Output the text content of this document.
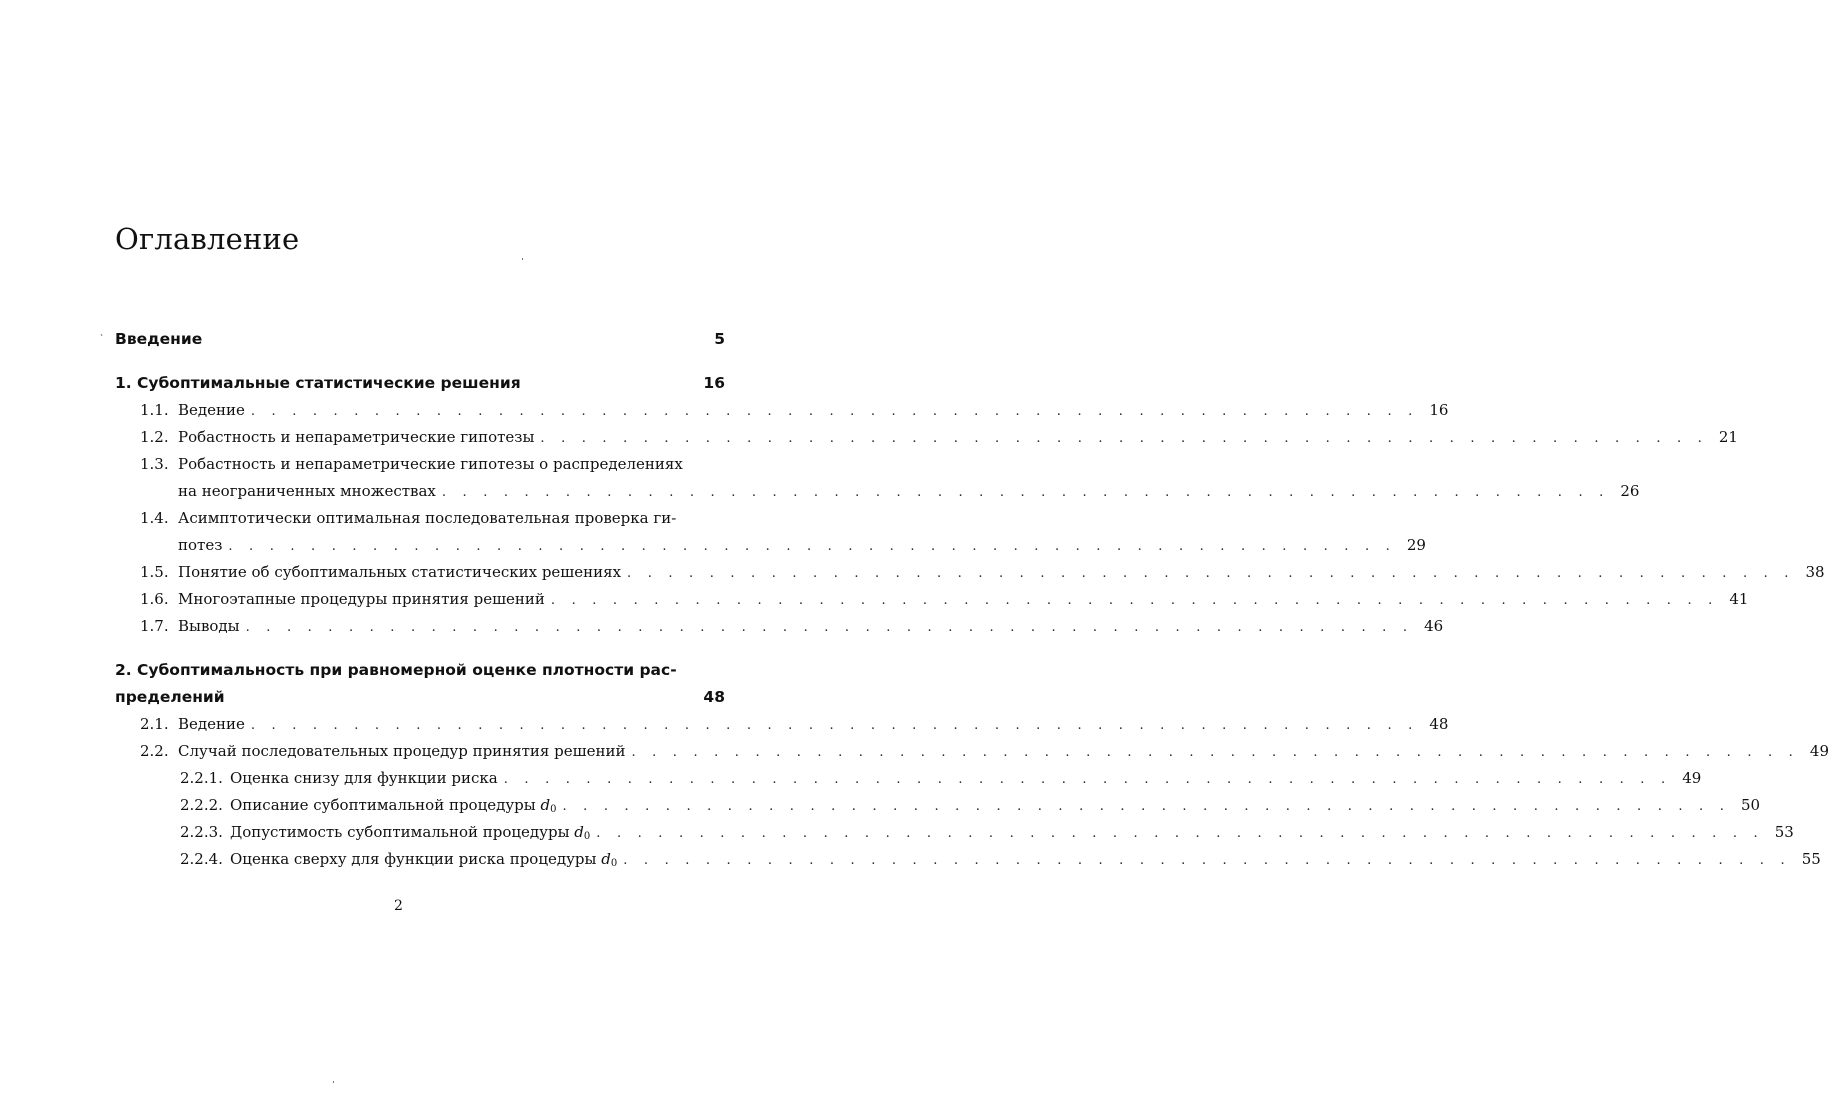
Оглавление
Введение	5
1. Субоптимальные статистические решения	16
1.1. Ведение . . .	16
1.2. Робастность и непараметрические гипотезы . . .	21
1.3. Робастность и непараметрические гипотезы о распределениях
на неограниченных множествах . . .	26
1.4. Асимптотически оптимальная последовательная проверка ги-
потез . . .	29
1.5. Понятие об субоптимальных статистических решениях . . .	38
1.6. Многоэтапные процедуры принятия решений . . .	41
1.7. Выводы . . .	46
2. Субоптимальность при равномерной оценке плотности рас-
пределений	48
2.1. Ведение . . .	48
2.2. Случай последовательных процедур принятия решений . . .	49
2.2.1. Оценка снизу для функции риска . . .	49
2.2.2. Описание субоптимальной процедуры $d_0$ . . .	50
2.2.3. Допустимость субоптимальной процедуры $d_0$ . . .	53
2.2.4. Оценка сверху для функции риска процедуры $d_0$ . . .	55
2
